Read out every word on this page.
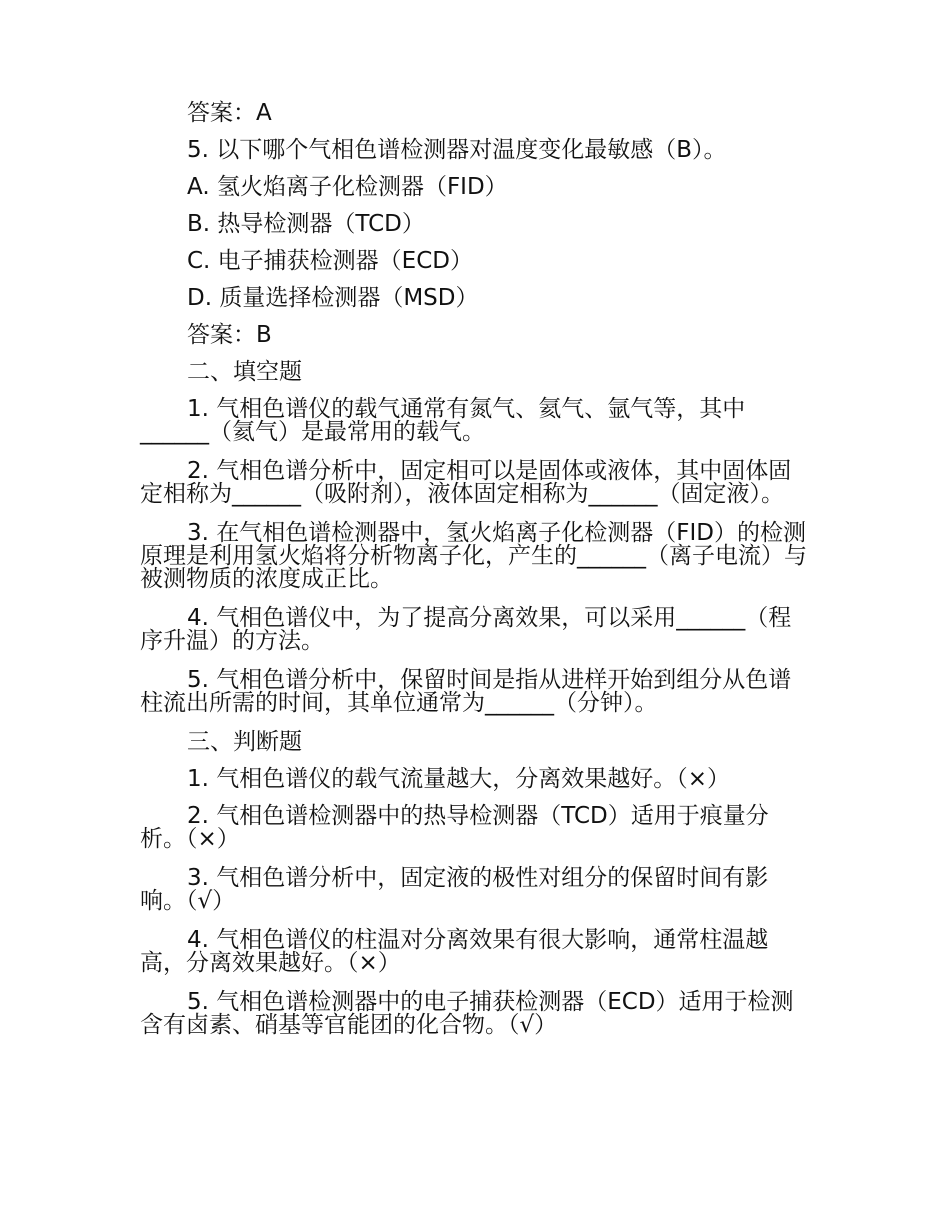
答案：A

5. 以下哪个气相色谱检测器对温度变化最敏感（B）。

A. 氢火焰离子化检测器（FID）

B. 热导检测器（TCD）

C. 电子捕获检测器（ECD）

D. 质量选择检测器（MSD）

答案：B

二、填空题

1. 气相色谱仪的载气通常有氮气、氦气、氩气等，其中______（氦气）是最常用的载气。

2. 气相色谱分析中，固定相可以是固体或液体，其中固体固定相称为______（吸附剂），液体固定相称为______（固定液）。

3. 在气相色谱检测器中，氢火焰离子化检测器（FID）的检测原理是利用氢火焰将分析物离子化，产生的______（离子电流）与被测物质的浓度成正比。

4. 气相色谱仪中，为了提高分离效果，可以采用______（程序升温）的方法。

5. 气相色谱分析中，保留时间是指从进样开始到组分从色谱柱流出所需的时间，其单位通常为______（分钟）。

三、判断题

1. 气相色谱仪的载气流量越大，分离效果越好。（×）

2. 气相色谱检测器中的热导检测器（TCD）适用于痕量分析。（×）

3. 气相色谱分析中，固定液的极性对组分的保留时间有影响。（√）

4. 气相色谱仪的柱温对分离效果有很大影响，通常柱温越高，分离效果越好。（×）

5. 气相色谱检测器中的电子捕获检测器（ECD）适用于检测含有卤素、硝基等官能团的化合物。（√）
